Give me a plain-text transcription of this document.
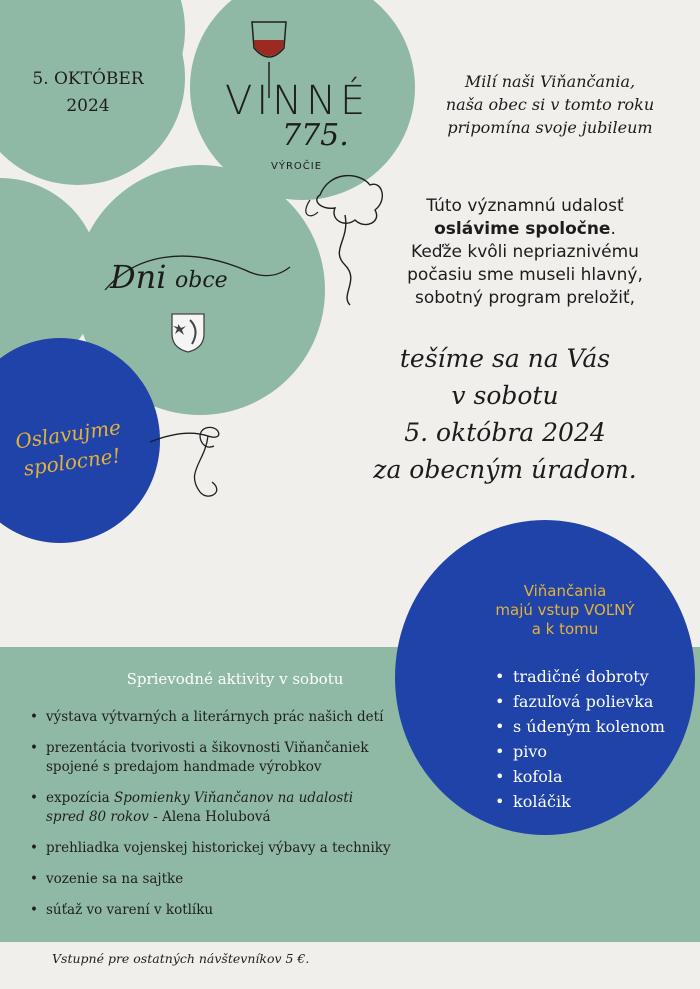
5. OKTÓBER
2024	VINNÉ
775.
VÝROČIE
Dni obce
Milí naši Viňančania,
naša obec si v tomto roku
pripomína svoje jubileum
Túto významnú udalosť
oslávime spoločne.
Keďže kvôli nepriaznivému
počasiu sme museli hlavný,
sobotný program preložiť,
tešíme sa na Vás
v sobotu
5. októbra 2024
za obecným úradom.
Oslavujme
spolocne!
Viňančania
majú vstup VOĽNÝ
a k tomu
• tradičné dobroty
• fazuľová polievka
• s údeným kolenom
• pivo
• kofola
• koláčik
Sprievodné aktivity v sobotu
• výstava výtvarných a literárnych prác našich detí
• prezentácia tvorivosti a šikovnosti Viňančaniek
spojené s predajom handmade výrobkov
• expozícia Spomienky Viňančanov na udalosti
spred 80 rokov - Alena Holubová
• prehliadka vojenskej historickej výbavy a techniky
• vozenie sa na sajtke
• súťaž vo varení v kotlíku
Vstupné pre ostatných návštevníkov 5 €.
